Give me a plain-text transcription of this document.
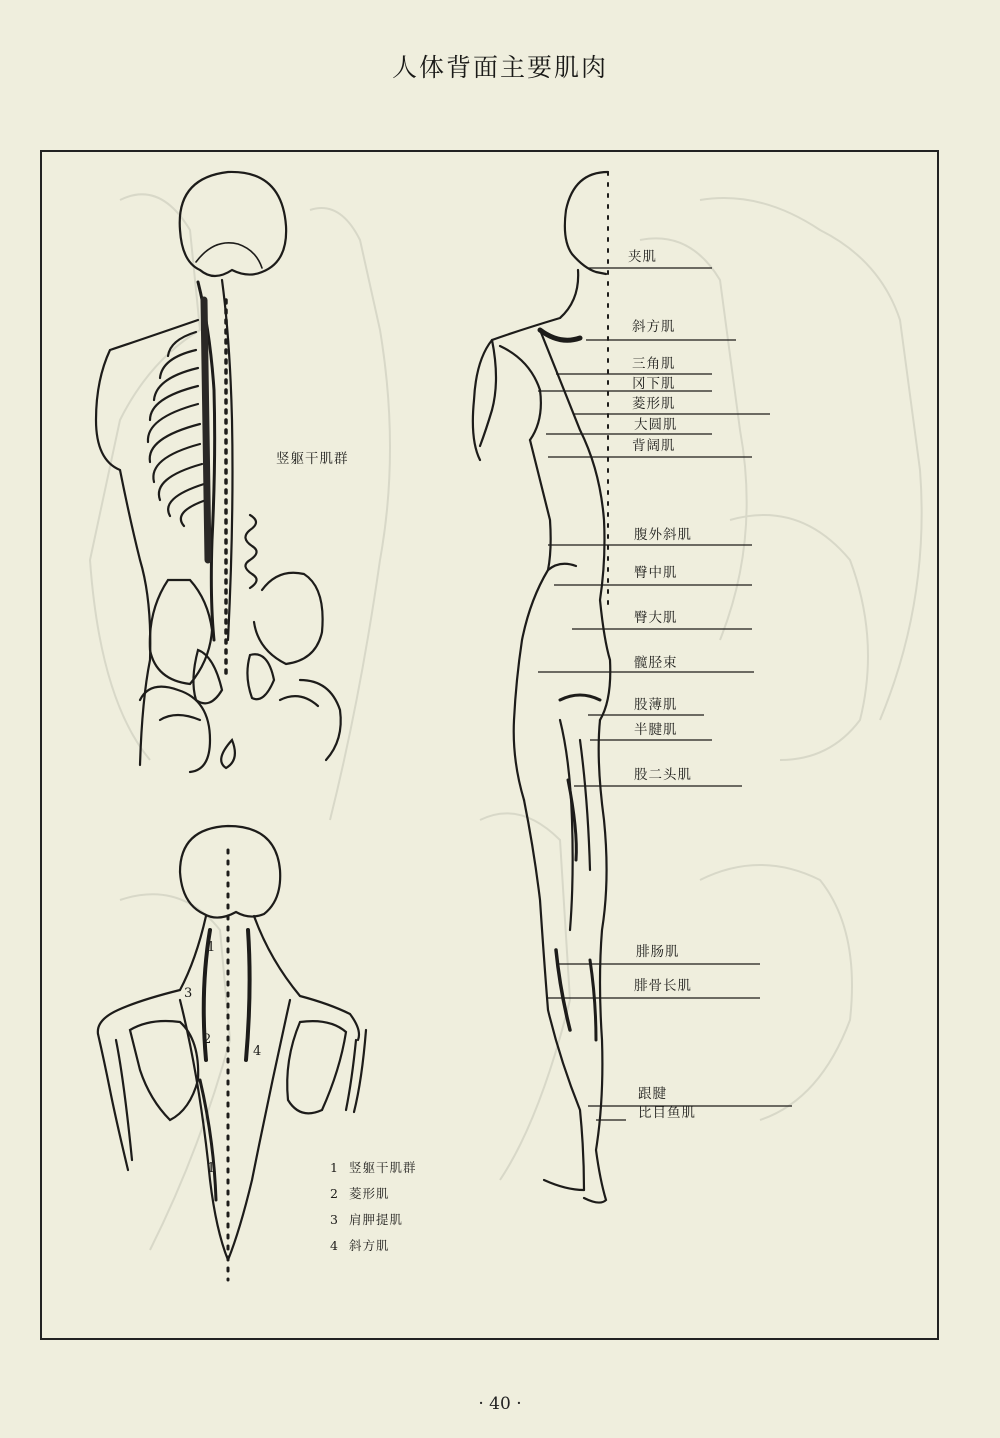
人体背面主要肌肉
竖躯干肌群
夹肌
斜方肌
三角肌
冈下肌
菱形肌
大圆肌
背阔肌
腹外斜肌
臀中肌
臀大肌
髋胫束
股薄肌
半腱肌
股二头肌
腓肠肌
腓骨长肌
跟腱
比目鱼肌
1
2
3
4
1	1 竖躯干肌群
2 菱形肌
3 肩胛提肌
4 斜方肌
· 40 ·
